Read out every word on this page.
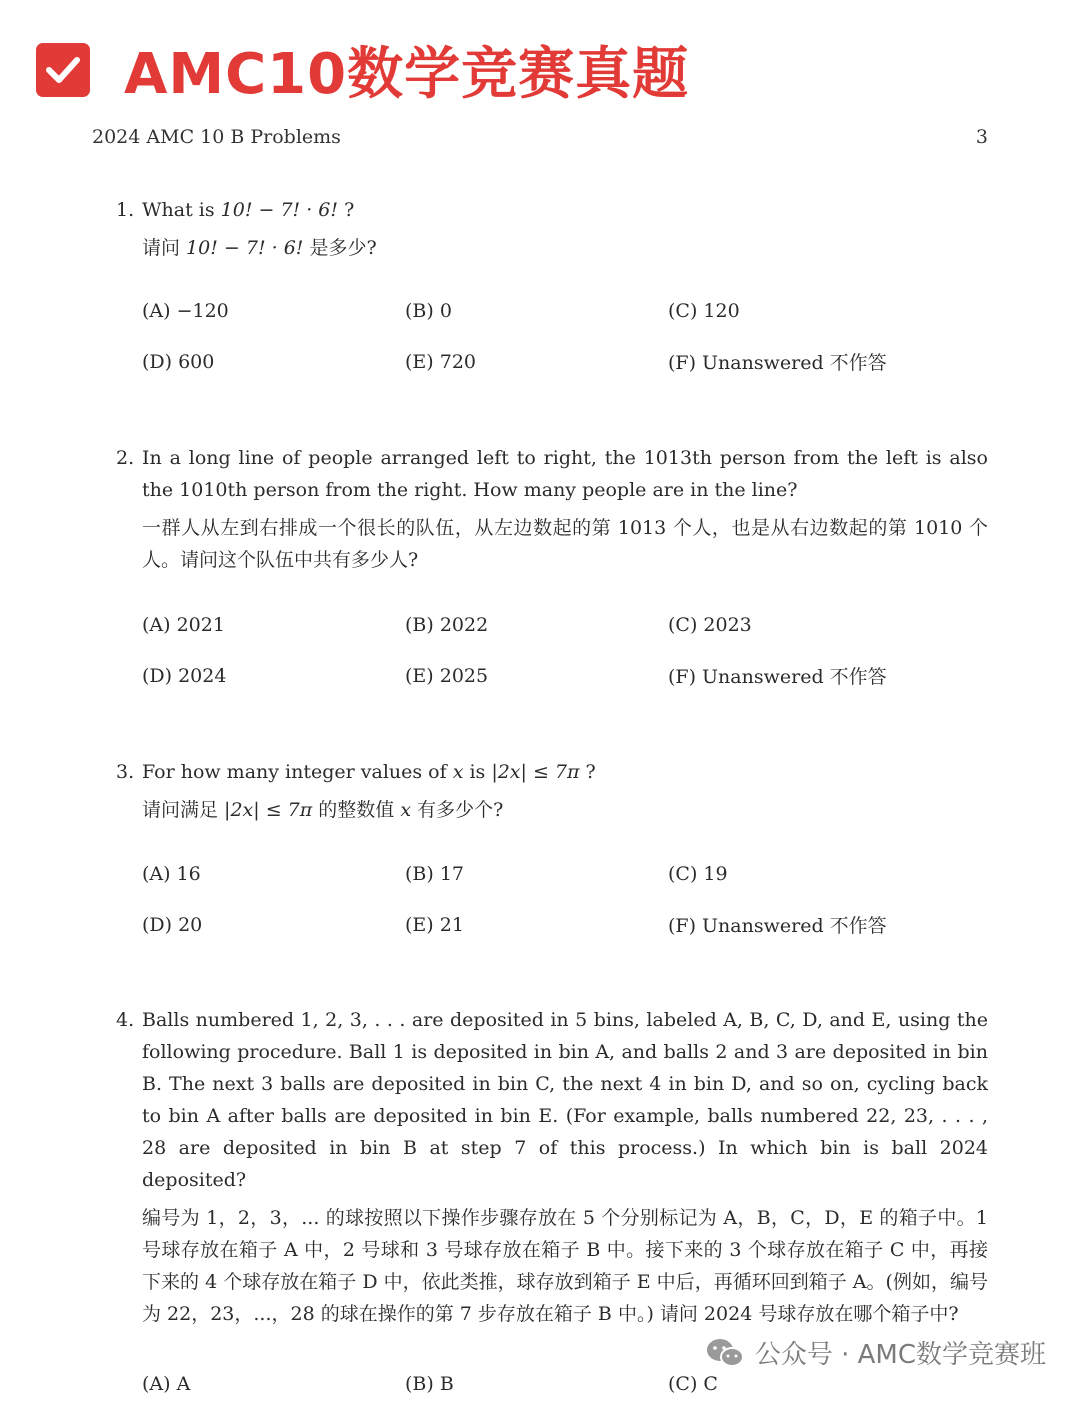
AMC10数学竞赛真题
2024 AMC 10 B Problems	3
1. What is 10! − 7! · 6! ?
请问 10! − 7! · 6! 是多少?
(A) −120	(B) 0	(C) 120
(D) 600	(E) 720	(F) Unanswered 不作答
2. In a long line of people arranged left to right, the 1013th person from the left is also the 1010th person from the right. How many people are in the line?
一群人从左到右排成一个很长的队伍，从左边数起的第 1013 个人，也是从右边数起的第 1010 个人。请问这个队伍中共有多少人?
(A) 2021	(B) 2022	(C) 2023
(D) 2024	(E) 2025	(F) Unanswered 不作答
3. For how many integer values of x is |2x| ≤ 7π ?
请问满足 |2x| ≤ 7π 的整数值 x 有多少个?
(A) 16	(B) 17	(C) 19
(D) 20	(E) 21	(F) Unanswered 不作答
4. Balls numbered 1, 2, 3, . . . are deposited in 5 bins, labeled A, B, C, D, and E, using the following procedure. Ball 1 is deposited in bin A, and balls 2 and 3 are deposited in bin B. The next 3 balls are deposited in bin C, the next 4 in bin D, and so on, cycling back to bin A after balls are deposited in bin E. (For example, balls numbered 22, 23, . . . , 28 are deposited in bin B at step 7 of this process.) In which bin is ball 2024 deposited?
编号为 1，2，3，... 的球按照以下操作步骤存放在 5 个分别标记为 A，B，C，D，E 的箱子中。1 号球存放在箱子 A 中，2 号球和 3 号球存放在箱子 B 中。接下来的 3 个球存放在箱子 C 中，再接下来的 4 个球存放在箱子 D 中，依此类推，球存放到箱子 E 中后，再循环回到箱子 A。(例如，编号为 22，23，...，28 的球在操作的第 7 步存放在箱子 B 中。) 请问 2024 号球存放在哪个箱子中?
(A) A	(B) B	(C) C
公众号 · AMC数学竞赛班
